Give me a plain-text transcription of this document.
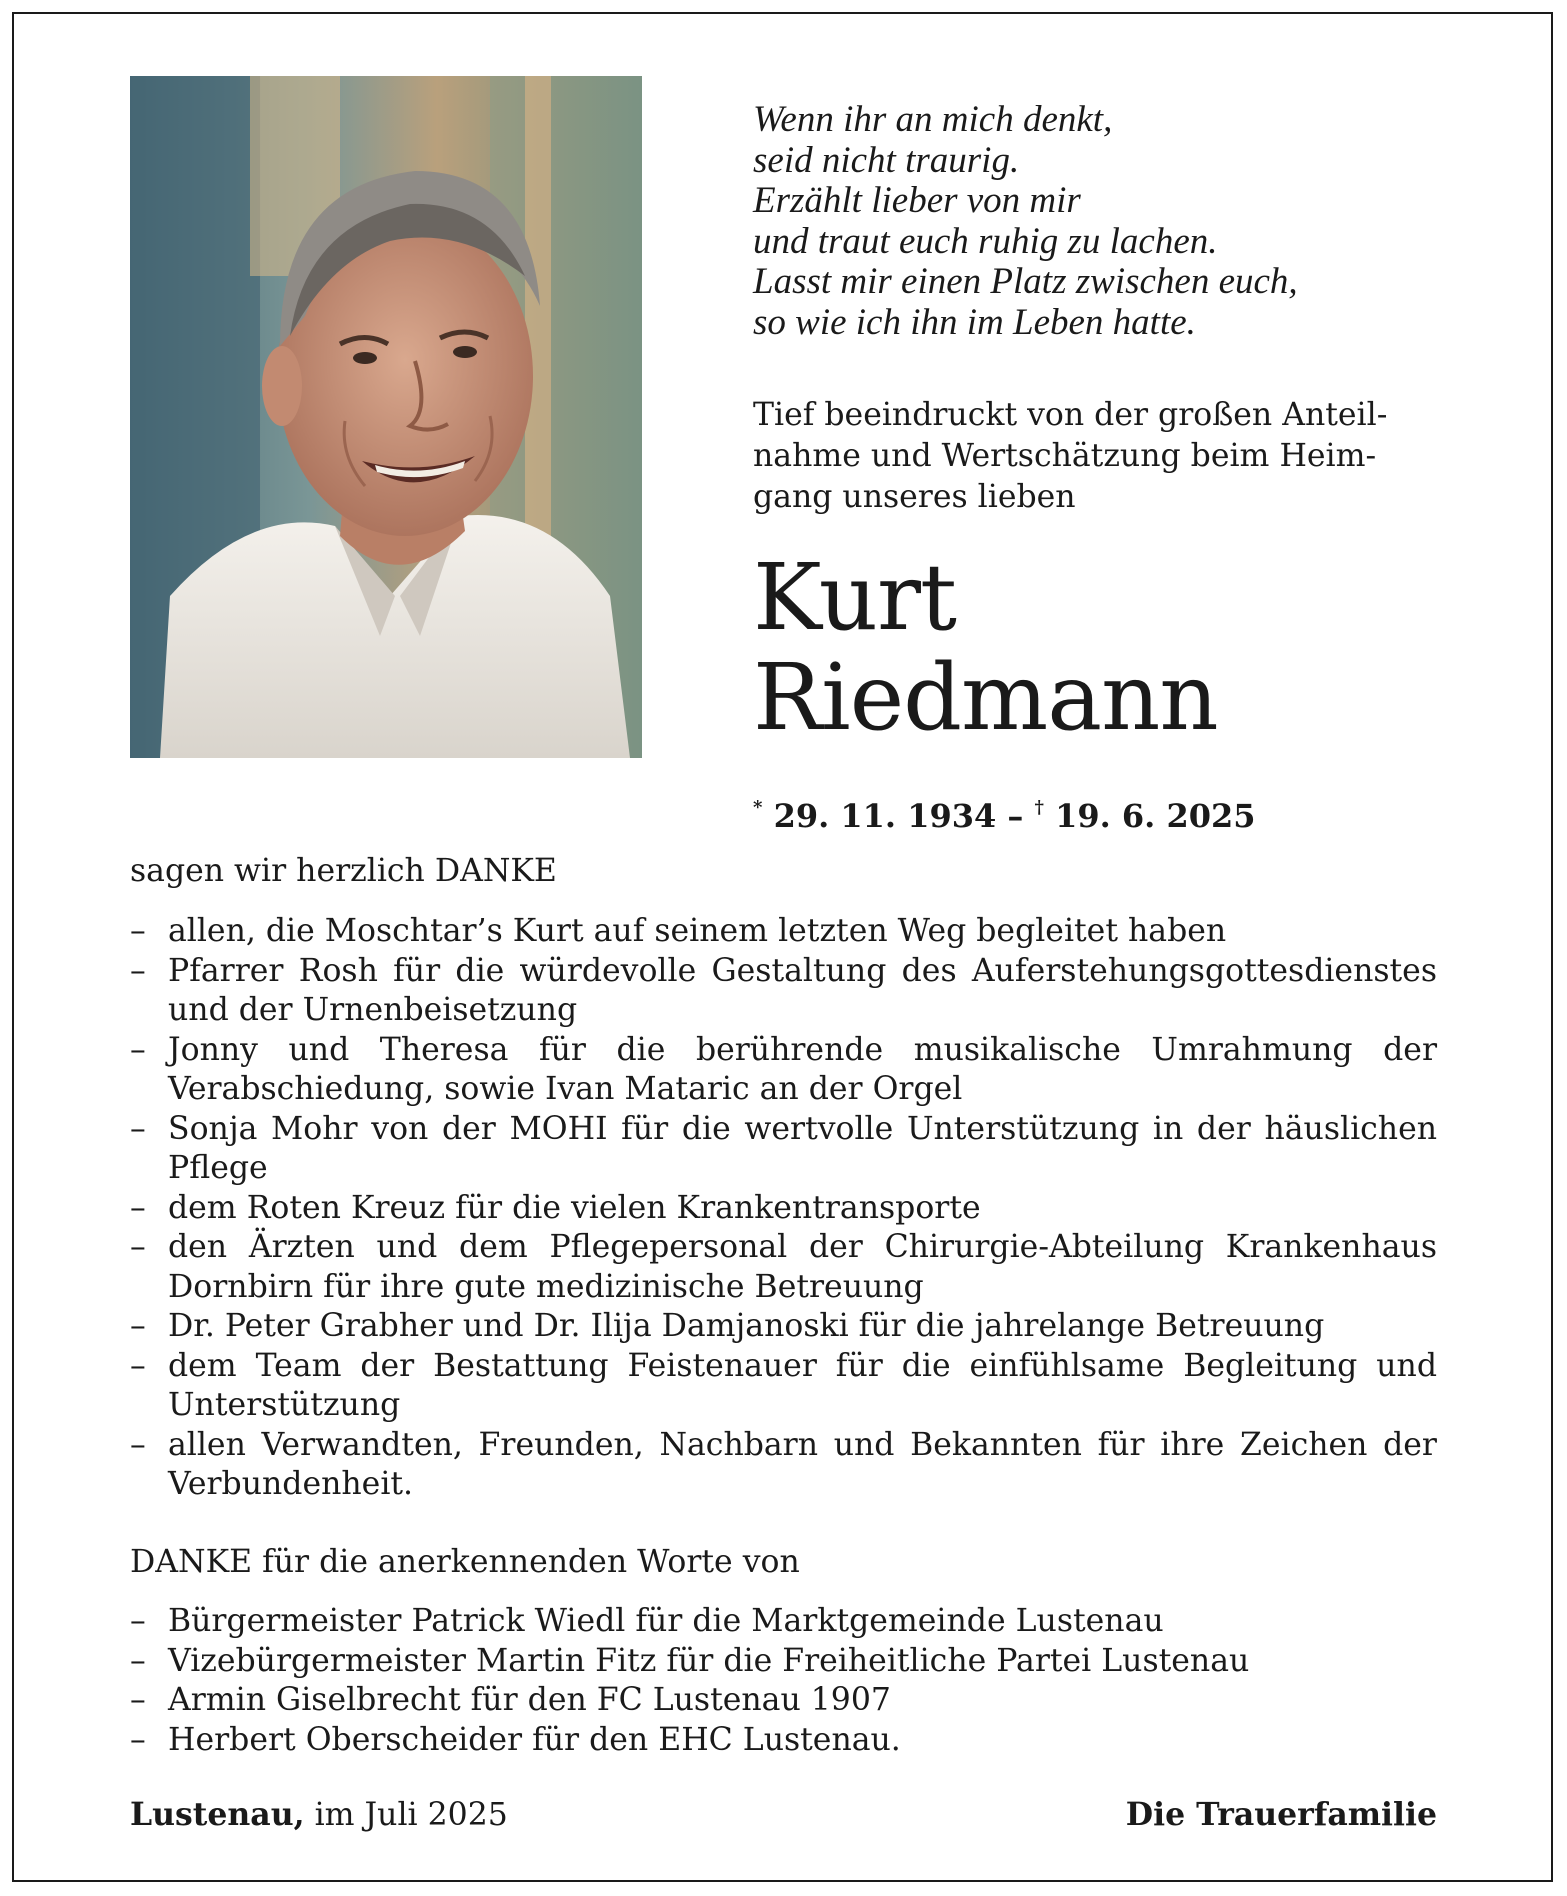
Wenn ihr an mich denkt,
seid nicht traurig.
Erzählt lieber von mir
und traut euch ruhig zu lachen.
Lasst mir einen Platz zwischen euch,
so wie ich ihn im Leben hatte.
Tief beeindruckt von der großen Anteil-
nahme und Wertschätzung beim Heim-
gang unseres lieben
Kurt
Riedmann
* 29. 11. 1934 – † 19. 6. 2025
sagen wir herzlich DANKE
– allen, die Moschtar’s Kurt auf seinem letzten Weg begleitet haben
– Pfarrer Rosh für die würdevolle Gestaltung des Auferstehungsgottesdienstes und der Urnenbeisetzung
– Jonny und Theresa für die berührende musikalische Umrahmung der Verabschiedung, sowie Ivan Mataric an der Orgel
– Sonja Mohr von der MOHI für die wertvolle Unterstützung in der häuslichen Pflege
– dem Roten Kreuz für die vielen Krankentransporte
– den Ärzten und dem Pflegepersonal der Chirurgie-Abteilung Krankenhaus Dornbirn für ihre gute medizinische Betreuung
– Dr. Peter Grabher und Dr. Ilija Damjanoski für die jahrelange Betreuung
– dem Team der Bestattung Feistenauer für die einfühlsame Begleitung und Unterstützung
– allen Verwandten, Freunden, Nachbarn und Bekannten für ihre Zeichen der Verbundenheit.
DANKE für die anerkennenden Worte von
– Bürgermeister Patrick Wiedl für die Marktgemeinde Lustenau
– Vizebürgermeister Martin Fitz für die Freiheitliche Partei Lustenau
– Armin Giselbrecht für den FC Lustenau 1907
– Herbert Oberscheider für den EHC Lustenau.
Lustenau, im Juli 2025	Die Trauerfamilie
